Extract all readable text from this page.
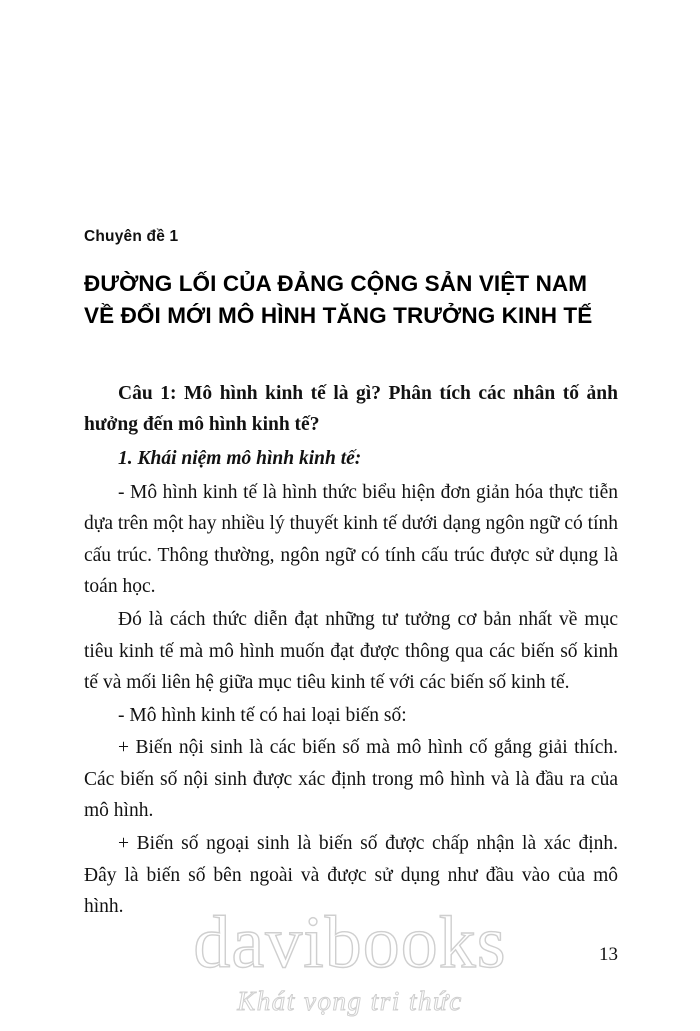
Chuyên đề 1
ĐƯỜNG LỐI CỦA ĐẢNG CỘNG SẢN VIỆT NAM
VỀ ĐỔI MỚI MÔ HÌNH TĂNG TRƯỞNG KINH TẾ

Câu 1: Mô hình kinh tế là gì? Phân tích các nhân tố ảnh hưởng đến mô hình kinh tế?

1. Khái niệm mô hình kinh tế:

- Mô hình kinh tế là hình thức biểu hiện đơn giản hóa thực tiễn dựa trên một hay nhiều lý thuyết kinh tế dưới dạng ngôn ngữ có tính cấu trúc. Thông thường, ngôn ngữ có tính cấu trúc được sử dụng là toán học.

Đó là cách thức diễn đạt những tư tưởng cơ bản nhất về mục tiêu kinh tế mà mô hình muốn đạt được thông qua các biến số kinh tế và mối liên hệ giữa mục tiêu kinh tế với các biến số kinh tế.

- Mô hình kinh tế có hai loại biến số:

+ Biến nội sinh là các biến số mà mô hình cố gắng giải thích. Các biến số nội sinh được xác định trong mô hình và là đầu ra của mô hình.

+ Biến số ngoại sinh là biến số được chấp nhận là xác định. Đây là biến số bên ngoài và được sử dụng như đầu vào của mô hình. davibooks
Khát vọng tri thức
13
